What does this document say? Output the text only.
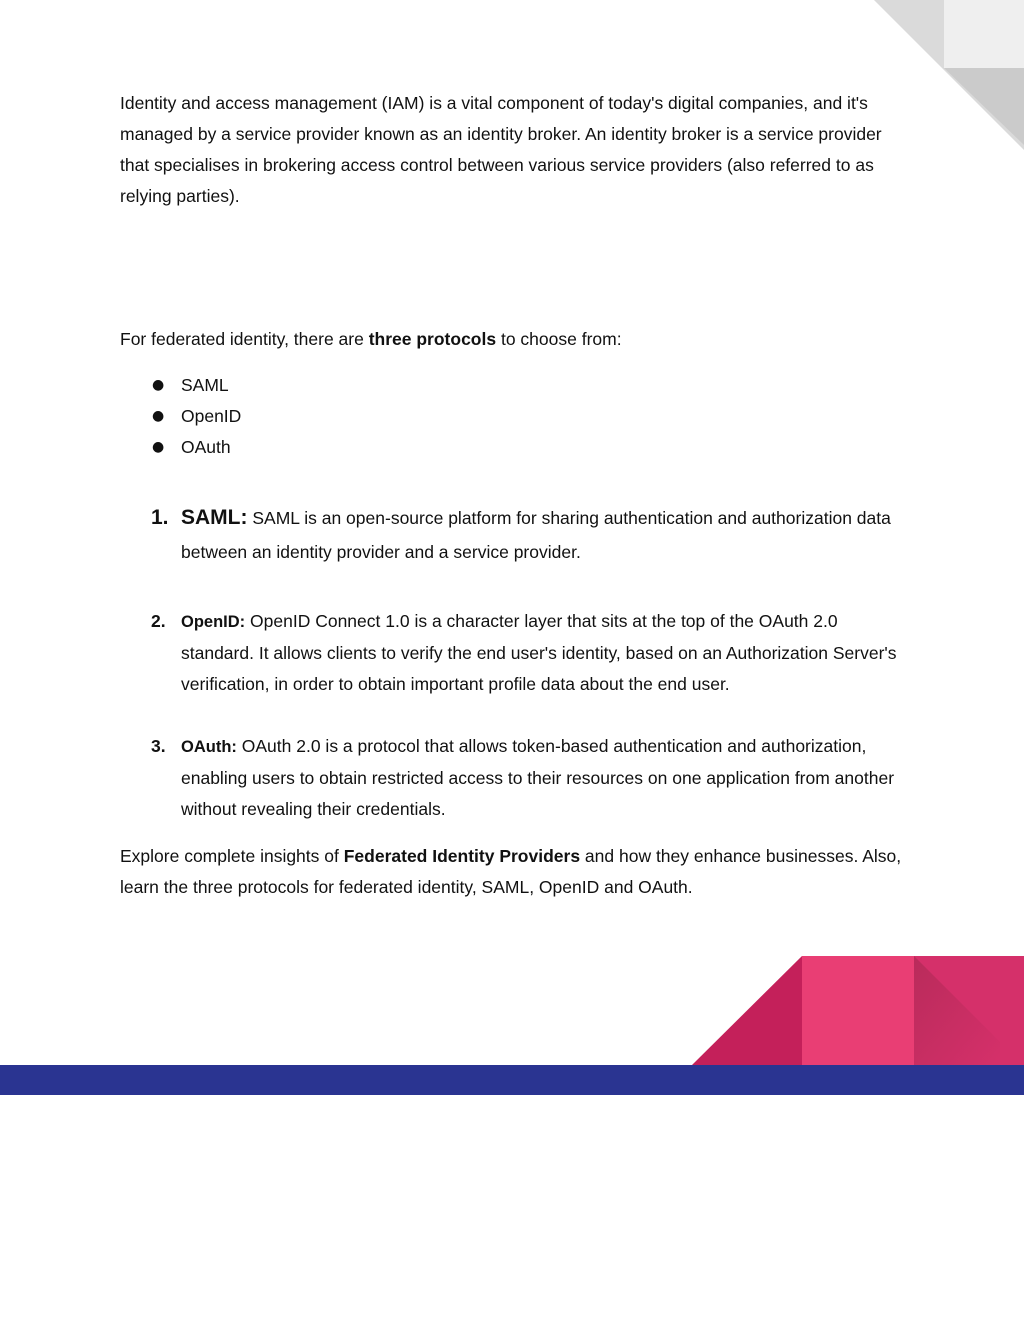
Identity and access management (IAM) is a vital component of today's digital companies, and it's managed by a service provider known as an identity broker. An identity broker is a service provider that specialises in brokering access control between various service providers (also referred to as relying parties).

For federated identity, there are three protocols to choose from:

● SAML
● OpenID
● OAuth
1. SAML: SAML is an open-source platform for sharing authentication and authorization data between an identity provider and a service provider.
2. OpenID: OpenID Connect 1.0 is a character layer that sits at the top of the OAuth 2.0 standard. It allows clients to verify the end user's identity, based on an Authorization Server's verification, in order to obtain important profile data about the end user.
3. OAuth: OAuth 2.0 is a protocol that allows token-based authentication and authorization, enabling users to obtain restricted access to their resources on one application from another without revealing their credentials.

Explore complete insights of Federated Identity Providers and how they enhance businesses. Also, learn the three protocols for federated identity, SAML, OpenID and OAuth.
